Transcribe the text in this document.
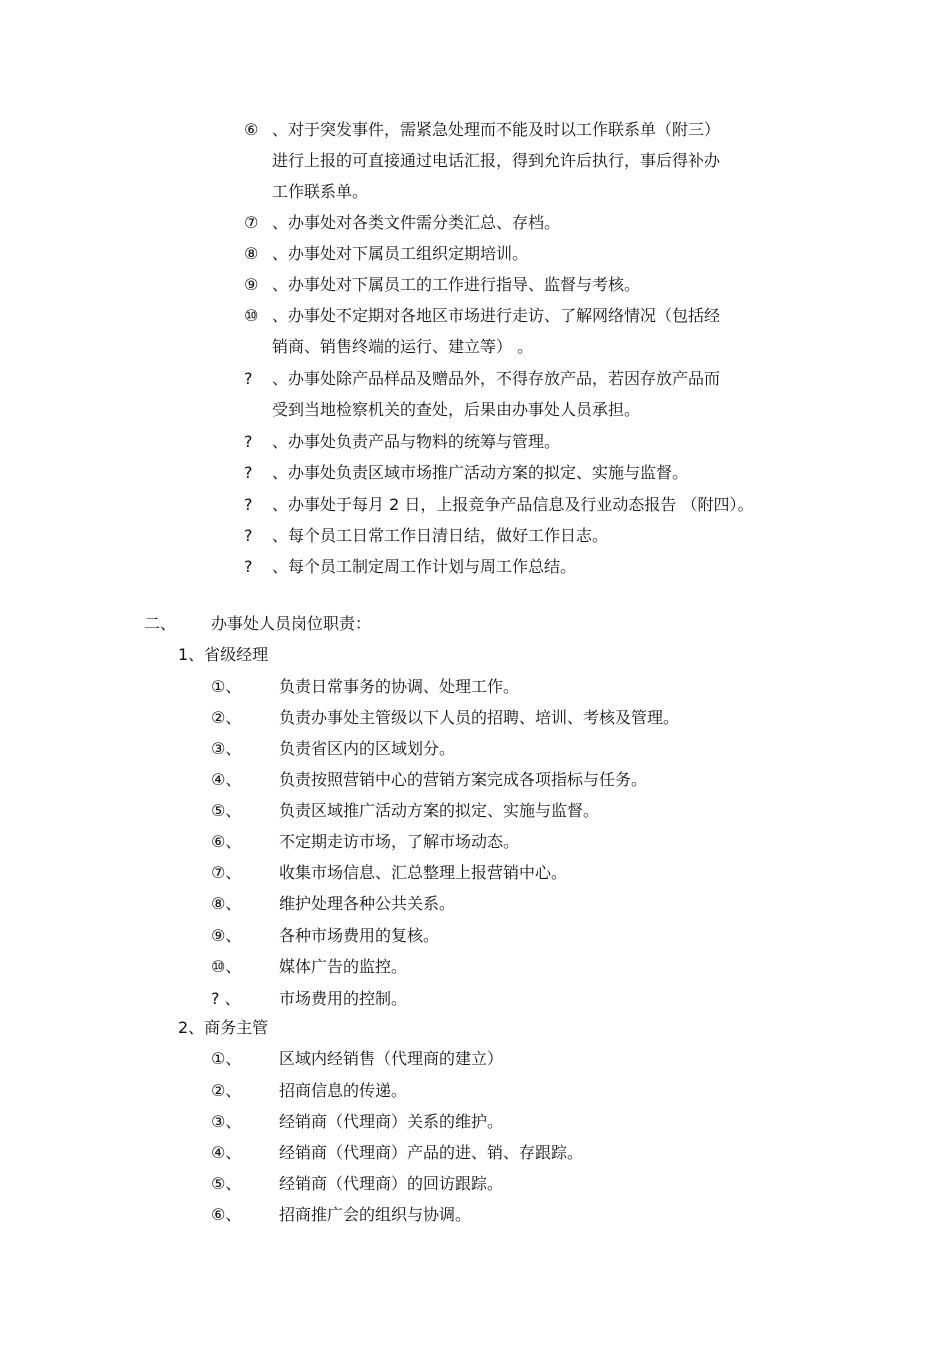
⑥ 、对于突发事件，需紧急处理而不能及时以工作联系单（附三）
进行上报的可直接通过电话汇报，得到允许后执行，事后得补办
工作联系单。
⑦ 、办事处对各类文件需分类汇总、存档。
⑧ 、办事处对下属员工组织定期培训。
⑨ 、办事处对下属员工的工作进行指导、监督与考核。
⑩ 、办事处不定期对各地区市场进行走访、了解网络情况（包括经
销商、销售终端的运行、建立等） 。
? 、办事处除产品样品及赠品外，不得存放产品，若因存放产品而
受到当地检察机关的查处，后果由办事处人员承担。
? 、办事处负责产品与物料的统筹与管理。
? 、办事处负责区域市场推广活动方案的拟定、实施与监督。
? 、办事处于每月 2 日，上报竞争产品信息及行业动态报告 （附四）。
? 、每个员工日常工作日清日结，做好工作日志。
? 、每个员工制定周工作计划与周工作总结。
二、 办事处人员岗位职责：
1、省级经理
①、 负责日常事务的协调、处理工作。
②、 负责办事处主管级以下人员的招聘、培训、考核及管理。
③、 负责省区内的区域划分。
④、 负责按照营销中心的营销方案完成各项指标与任务。
⑤、 负责区域推广活动方案的拟定、实施与监督。
⑥、 不定期走访市场，了解市场动态。
⑦、 收集市场信息、汇总整理上报营销中心。
⑧、 维护处理各种公共关系。
⑨、 各种市场费用的复核。
⑩、 媒体广告的监控。
? 、 市场费用的控制。
2、商务主管
①、 区域内经销售（代理商的建立）
②、 招商信息的传递。
③、 经销商（代理商）关系的维护。
④、 经销商（代理商）产品的进、销、存跟踪。
⑤、 经销商（代理商）的回访跟踪。
⑥、 招商推广会的组织与协调。
